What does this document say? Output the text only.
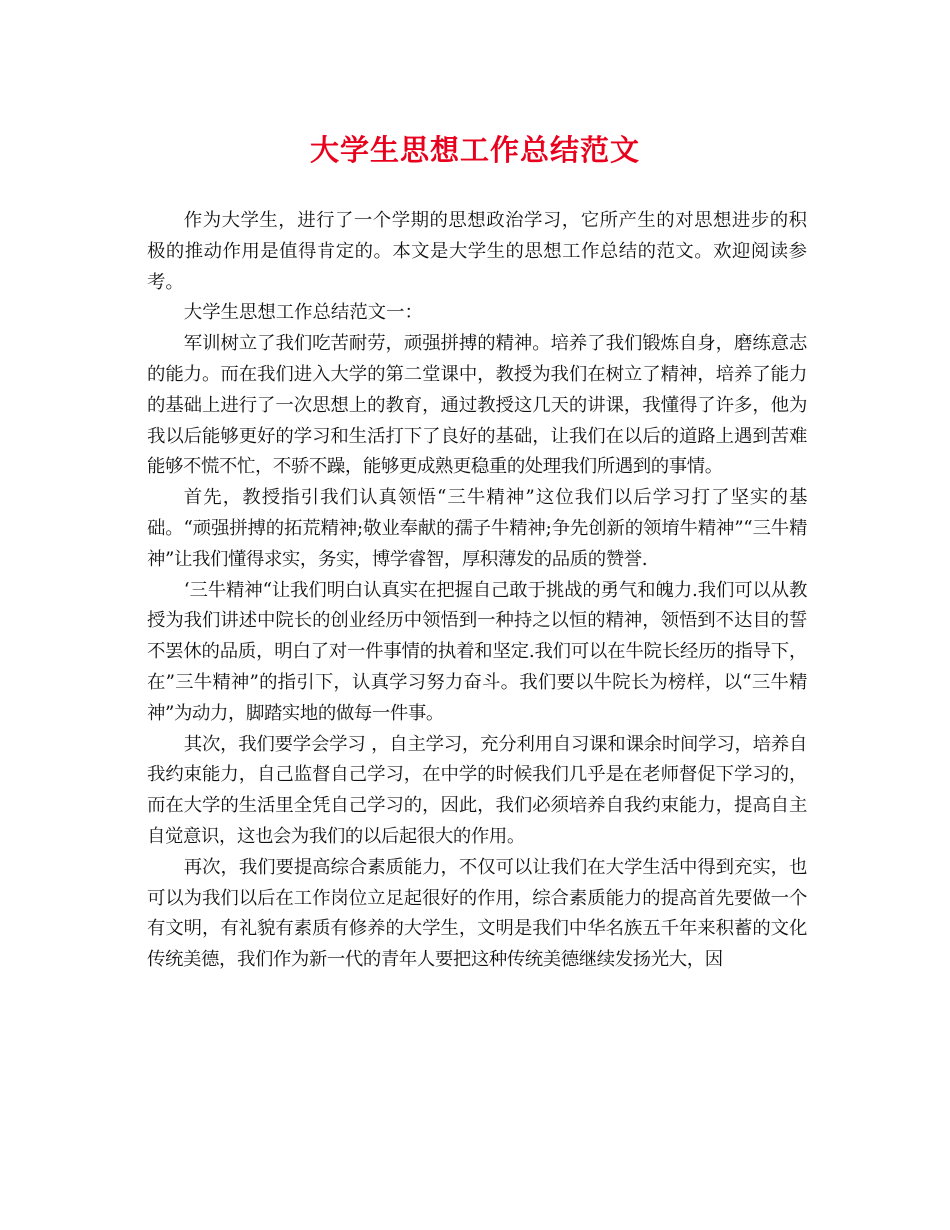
大学生思想工作总结范文

作为大学生，进行了一个学期的思想政治学习，它所产生的对思想进步的积极的推动作用是值得肯定的。本文是大学生的思想工作总结的范文。欢迎阅读参考。

大学生思想工作总结范文一：

军训树立了我们吃苦耐劳，顽强拼搏的精神。培养了我们锻炼自身，磨练意志的能力。而在我们进入大学的第二堂课中，教授为我们在树立了精神，培养了能力的基础上进行了一次思想上的教育，通过教授这几天的讲课，我懂得了许多，他为我以后能够更好的学习和生活打下了良好的基础，让我们在以后的道路上遇到苦难能够不慌不忙，不骄不躁，能够更成熟更稳重的处理我们所遇到的事情。

首先，教授指引我们认真领悟“三牛精神”这位我们以后学习打了坚实的基础。“顽强拼搏的拓荒精神;敬业奉献的孺子牛精神;争先创新的领堉牛精神”“三牛精神”让我们懂得求实，务实，博学睿智，厚积薄发的品质的赞誉.

‘三牛精神“让我们明白认真实在把握自己敢于挑战的勇气和魄力.我们可以从教授为我们讲述中院长的创业经历中领悟到一种持之以恒的精神，领悟到不达目的誓不罢休的品质，明白了对一件事情的执着和坚定.我们可以在牛院长经历的指导下，在”三牛精神”的指引下，认真学习努力奋斗。我们要以牛院长为榜样，以“三牛精神”为动力，脚踏实地的做每一件事。

其次，我们要学会学习 ，自主学习，充分利用自习课和课余时间学习，培养自我约束能力，自己监督自己学习，在中学的时候我们几乎是在老师督促下学习的，而在大学的生活里全凭自己学习的，因此，我们必须培养自我约束能力，提高自主自觉意识，这也会为我们的以后起很大的作用。

再次，我们要提高综合素质能力，不仅可以让我们在大学生活中得到充实，也可以为我们以后在工作岗位立足起很好的作用，综合素质能力的提高首先要做一个有文明，有礼貌有素质有修养的大学生，文明是我们中华名族五千年来积蓄的文化传统美德，我们作为新一代的青年人要把这种传统美德继续发扬光大，因
